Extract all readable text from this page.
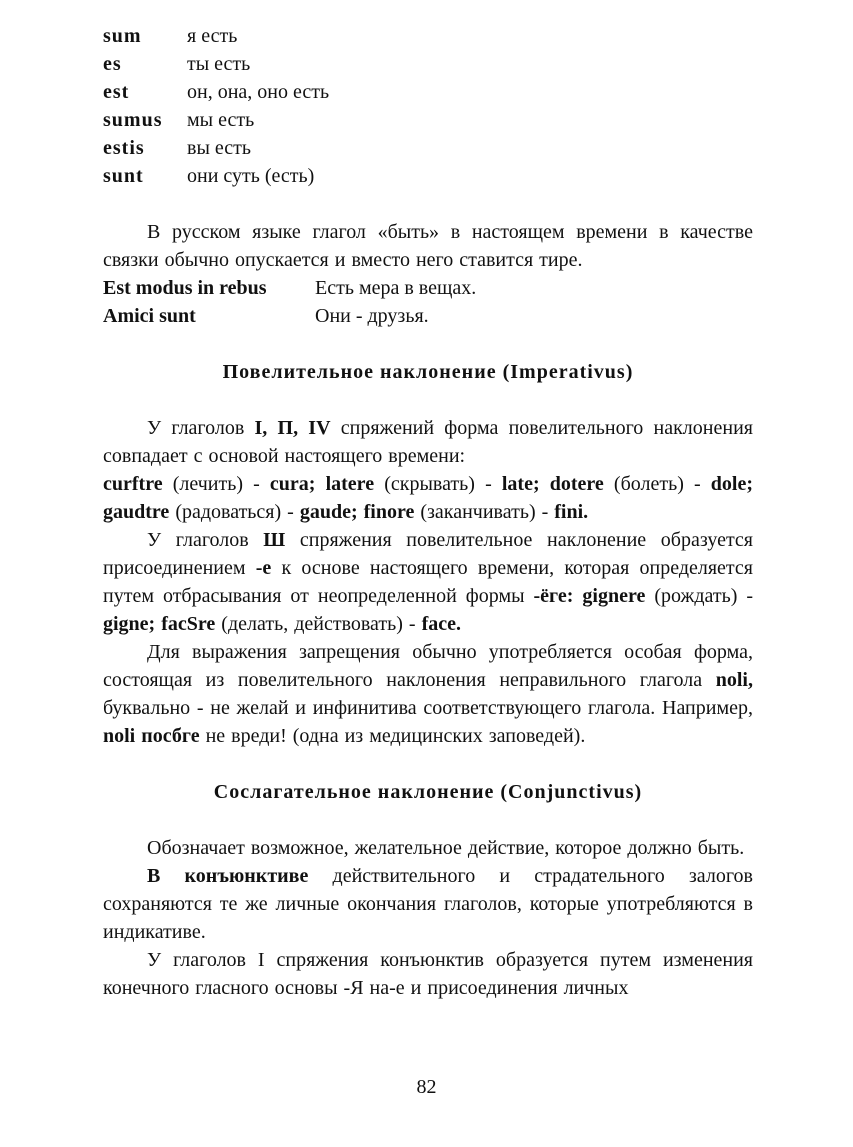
sum	я есть
es	ты есть
est	он, она, оно есть
sumus	мы есть
estis	вы есть
sunt	они суть (есть)

В русском языке глагол «быть» в настоящем времени в качестве связки обычно опускается и вместо него ставится тире.

Est modus in rebus	Есть мера в вещах.
Amici sunt	Они - друзья.

Повелительное наклонение (Imperativus)

У глаголов I, П, IV спряжений форма повелительного наклонения совпадает с основой настоящего времени:

curftre (лечить) - cura; latere (скрывать) - late; dotere (болеть) - dole; gaudtre (радоваться) - gaude; finore (заканчивать) - fini.

У глаголов Ш спряжения повелительное наклонение образуется присоединением -е к основе настоящего времени, которая определяется путем отбрасывания от неопределенной формы -ёге: gignere (рождать) - gigne; facSre (делать, действовать) - face.

Для выражения запрещения обычно употребляется особая форма, состоящая из повелительного наклонения неправильного глагола noli, буквально - не желай и инфинитива соответствующего глагола. Например, noli посбге не вреди! (одна из медицинских заповедей).

Сослагательное наклонение (Conjunctivus)

Обозначает возможное, желательное действие, которое должно быть.

В конъюнктиве действительного и страдательного залогов сохраняются те же личные окончания глаголов, которые употребляются в индикативе.

У глаголов I спряжения конъюнктив образуется путем изменения конечного гласного основы -Я на-е и присоединения личных

82
